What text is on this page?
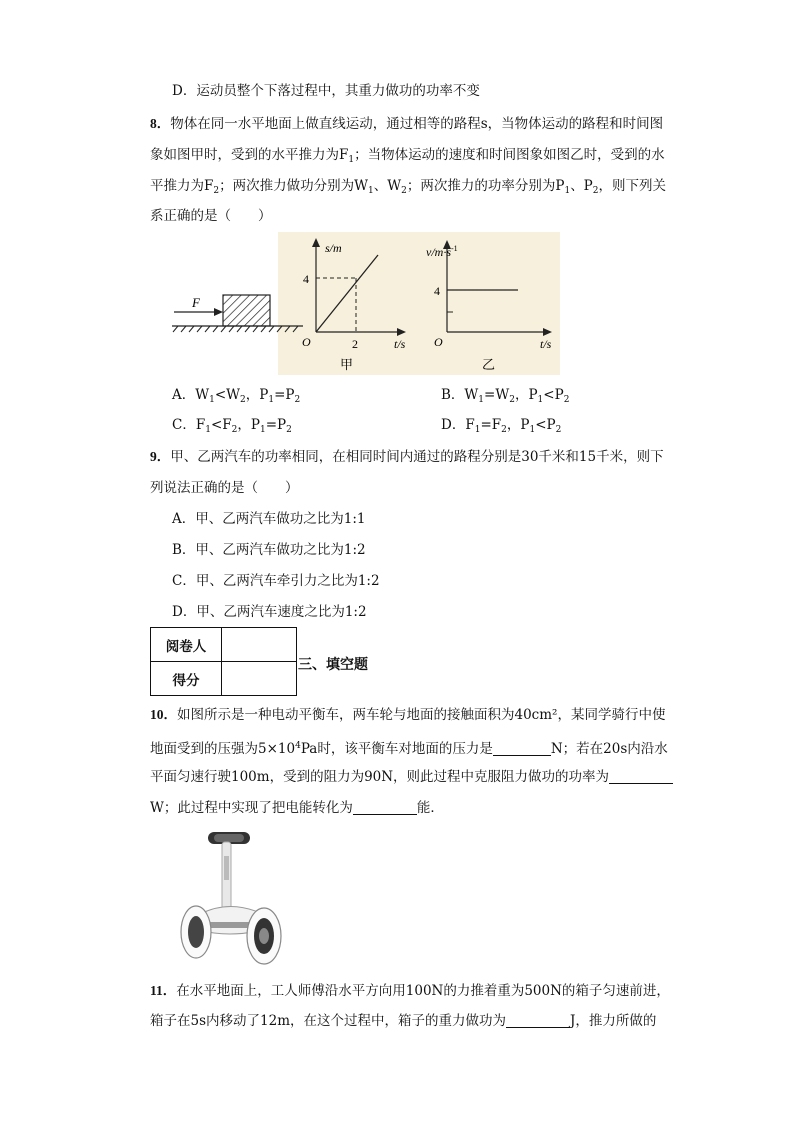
D．运动员整个下落过程中，其重力做功的功率不变
8．物体在同一水平地面上做直线运动，通过相等的路程s，当物体运动的路程和时间图
象如图甲时，受到的水平推力为$F_1$；当物体运动的速度和时间图象如图乙时，受到的水
平推力为$F_2$；两次推力做功分别为$W_1$、$W_2$；两次推力的功率分别为$P_1$、$P_2$，则下列关
系正确的是（　　）
F
s/m
4
O	2	t/s
甲
$v/m\cdot s^{-1}$
4
O	t/s
乙
A．$W_1<W_2$，$P_1=P_2$	B．$W_1=W_2$，$P_1<P_2$
C．$F_1<F_2$，$P_1=P_2$	D．$F_1=F_2$，$P_1<P_2$
9．甲、乙两汽车的功率相同，在相同时间内通过的路程分别是30千米和15千米，则下
列说法正确的是（　　）
A．甲、乙两汽车做功之比为1:1
B．甲、乙两汽车做功之比为1:2
C．甲、乙两汽车牵引力之比为1:2
D．甲、乙两汽车速度之比为1:2
阅卷人	
得分	
三、填空题
10．如图所示是一种电动平衡车，两车轮与地面的接触面积为40cm²，某同学骑行中使
地面受到的压强为$5\times 10^4Pa$时，该平衡车对地面的压力是	N；若在20s内沿水
平面匀速行驶100m，受到的阻力为90N，则此过程中克服阻力做功的功率为
W；此过程中实现了把电能转化为	能．
11．在水平地面上，工人师傅沿水平方向用100N的力推着重为500N的箱子匀速前进，
箱子在5s内移动了12m，在这个过程中，箱子的重力做功为	J，推力所做的
